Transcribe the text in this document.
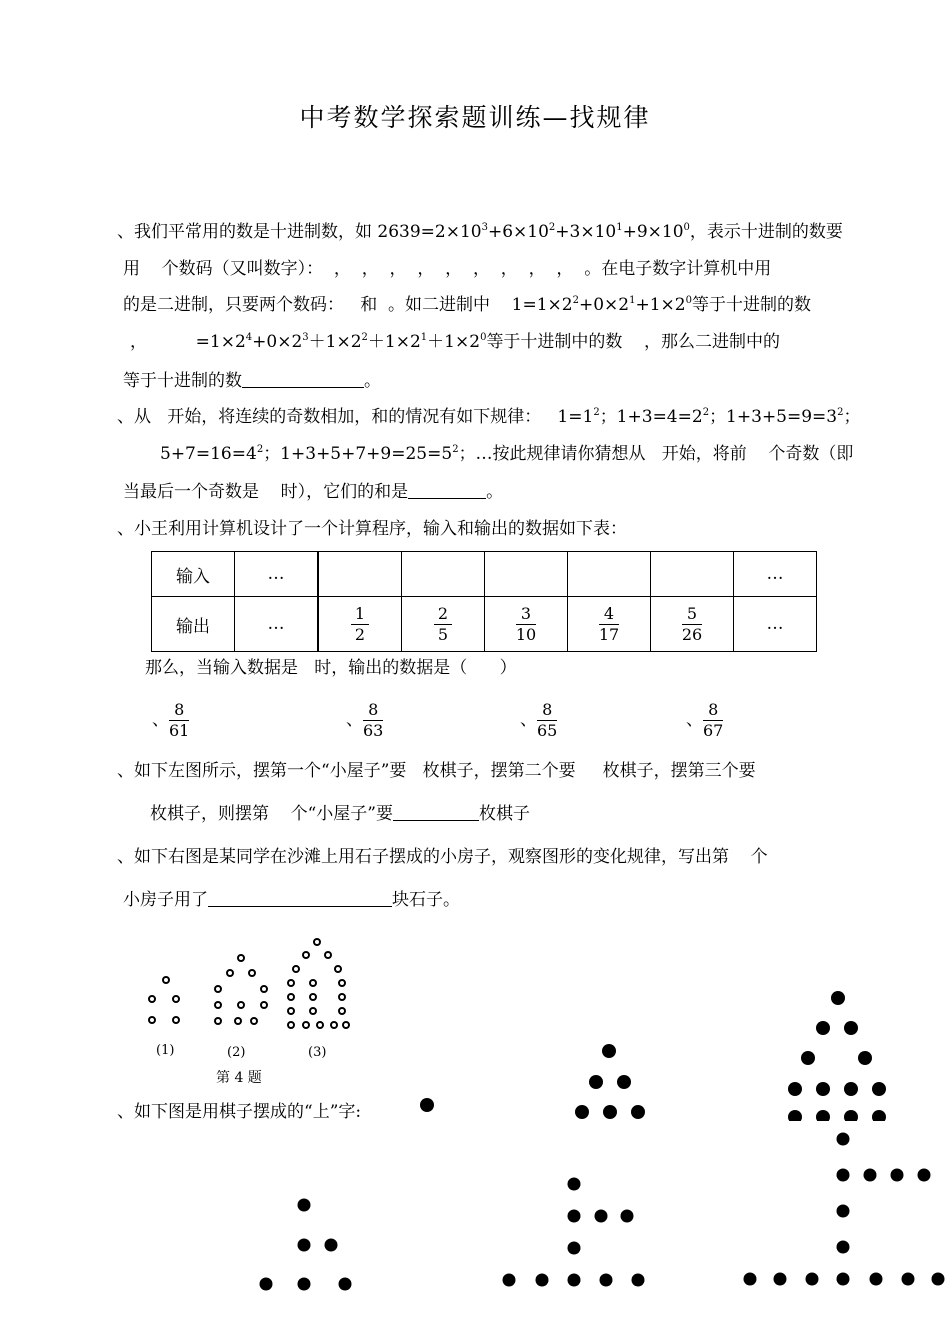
中考数学探索题训练—找规律
、我们平常用的数是十进制数，如 $2639=2\times 10^3+6\times 10^2+3\times 10^1+9\times 10^0$，表示十进制的数要
用    个数码（又叫数字）：  ，  ，  ，  ，  ，  ，  ，  ，  ，  。在电子数字计算机中用
的是二进制，只要两个数码：   和  。如二进制中    $1=1\times 2^2+0\times 2^1+1\times 2^0$等于十进制的数
，         $=1\times 2^4+0\times 2^3+1\times 2^2+1\times 2^1+1\times 2^0$等于十进制中的数    ，那么二进制中的
等于十进制的数	。
、从   开始，将连续的奇数相加，和的情况有如下规律：   $1=1^2$；$1+3=4=2^2$；$1+3+5=9=3^2$；
$5+7=16=4^2$；$1+3+5+7+9=25=5^2$；…按此规律请你猜想从   开始，将前    个奇数（即
当最后一个奇数是    时），它们的和是	。
、小王利用计算机设计了一个计算程序，输入和输出的数据如下表：
输入	…						…
输出	…	$\frac{1}{2}$	$\frac{2}{5}$	$\frac{3}{10}$	$\frac{4}{17}$	$\frac{5}{26}$	…
那么，当输入数据是   时，输出的数据是（      ）
、 $\frac{8}{61}$	、 $\frac{8}{63}$	、 $\frac{8}{65}$	、 $\frac{8}{67}$
、如下左图所示，摆第一个“小屋子”要   枚棋子，摆第二个要     枚棋子，摆第三个要
枚棋子，则摆第    个“小屋子”要	枚棋子
、如下右图是某同学在沙滩上用石子摆成的小房子，观察图形的变化规律，写出第    个
小房子用了	块石子。
(1)	(2)	(3)
第 4 题
、如下图是用棋子摆成的“上”字:
